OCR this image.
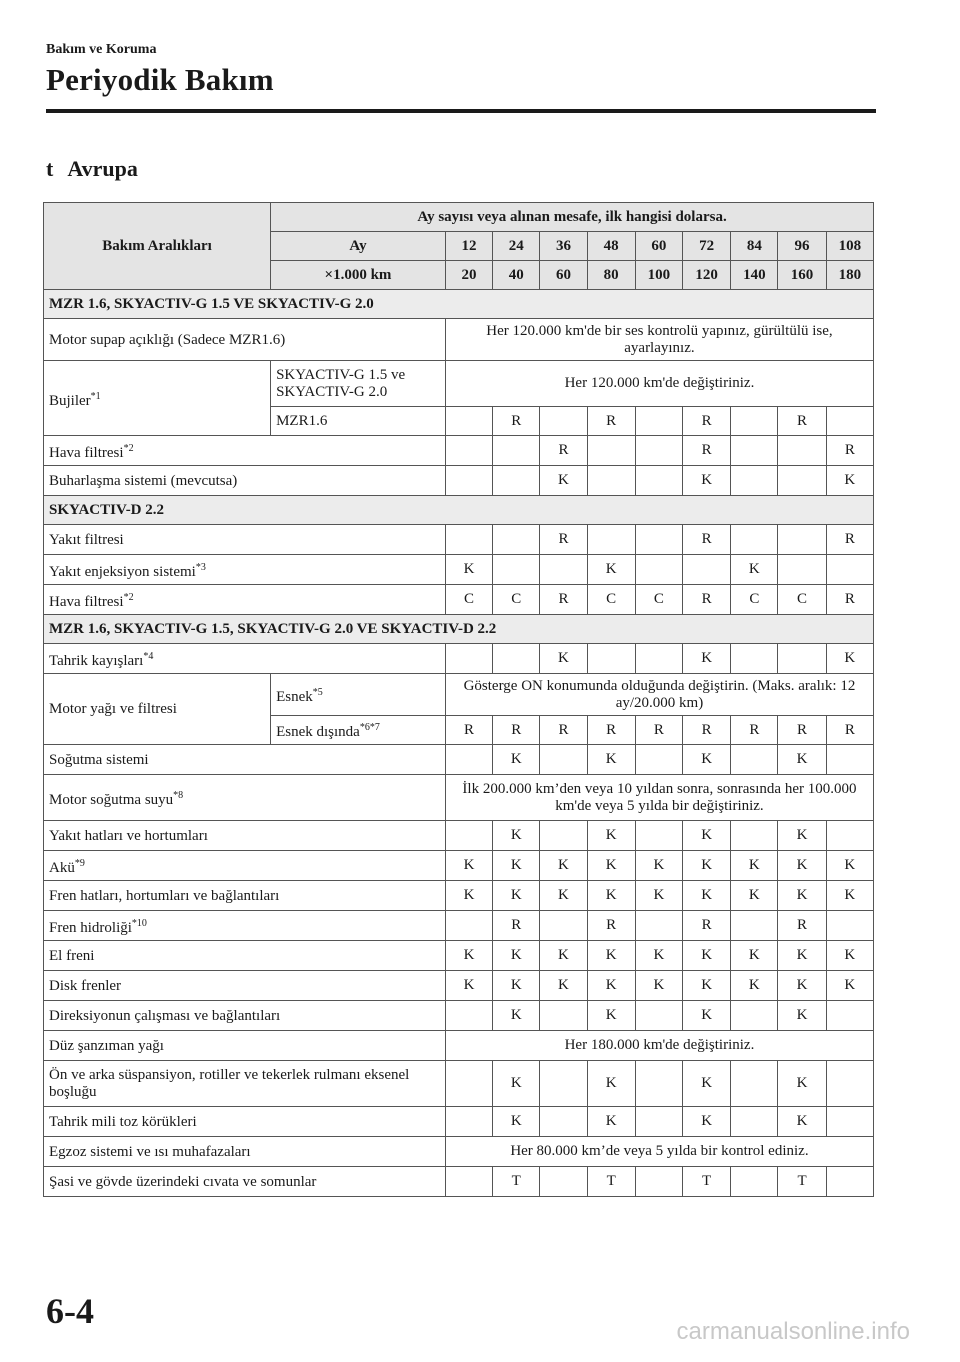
Bakım ve Koruma
Periyodik Bakım
t Avrupa
Bakım Aralıkları	Ay sayısı veya alınan mesafe, ilk hangisi dolarsa.									
	Ay	12	24	36	48	60	72	84	96	108
	×1.000 km	20	40	60	80	100	120	140	160	180
MZR 1.6, SKYACTIV-G 1.5 VE SKYACTIV-G 2.0										
Motor supap açıklığı (Sadece MZR1.6)		Her 120.000 km'de bir ses kontrolü yapınız, gürültülü ise, ayarlayınız.								
Bujiler$^{*1}$	SKYACTIV-G 1.5 ve SKYACTIV-G 2.0	Her 120.000 km'de değiştiriniz.								
	MZR1.6		R		R		R		R	
Hava filtresi$^{*2}$				R			R			R
Buharlaşma sistemi (mevcutsa)				K			K			K
SKYACTIV-D 2.2										
Yakıt filtresi				R			R			R
Yakıt enjeksiyon sistemi$^{*3}$		K			K			K		
Hava filtresi$^{*2}$		C	C	R	C	C	R	C	C	R
MZR 1.6, SKYACTIV-G 1.5, SKYACTIV-G 2.0 VE SKYACTIV-D 2.2										
Tahrik kayışları$^{*4}$				K			K			K
Motor yağı ve filtresi	Esnek$^{*5}$	Gösterge ON konumunda olduğunda değiştirin. (Maks. aralık: 12 ay/20.000 km)								
	Esnek dışında$^{*6*7}$	R	R	R	R	R	R	R	R	R
Soğutma sistemi			K		K		K		K	
Motor soğutma suyu$^{*8}$		İlk 200.000 km’den veya 10 yıldan sonra, sonrasında her 100.000 km'de veya 5 yılda bir değiştiriniz.								
Yakıt hatları ve hortumları			K		K		K		K	
Akü$^{*9}$		K	K	K	K	K	K	K	K	K
Fren hatları, hortumları ve bağlantıları		K	K	K	K	K	K	K	K	K
Fren hidroliği$^{*10}$			R		R		R		R	
El freni		K	K	K	K	K	K	K	K	K
Disk frenler		K	K	K	K	K	K	K	K	K
Direksiyonun çalışması ve bağlantıları			K		K		K		K	
Düz şanzıman yağı		Her 180.000 km'de değiştiriniz.								
Ön ve arka süspansiyon, rotiller ve tekerlek rulmanı eksenel boşluğu			K		K		K		K	
Tahrik mili toz körükleri			K		K		K		K	
Egzoz sistemi ve ısı muhafazaları		Her 80.000 km’de veya 5 yılda bir kontrol ediniz.								
Şasi ve gövde üzerindeki cıvata ve somunlar			T		T		T		T	
6-4
carmanualsonline.info
